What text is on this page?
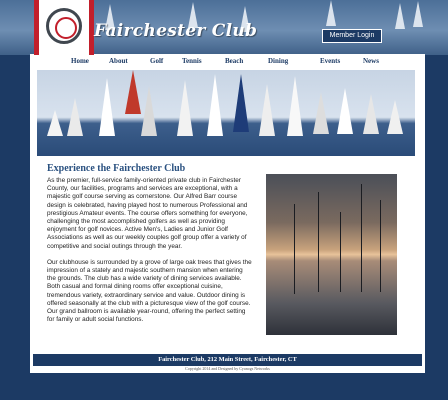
Fairchester Club	Member Login
Home	About	Golf	Tennis	Beach	Dining	Events	News
Experience the Fairchester Club

As the premier, full-service family-oriented private club in Fairchester County, our facilities, programs and services are exceptional, with a majestic golf course serving as cornerstone. Our Alfred Barr course design is celebrated, having played host to numerous Professional and prestigious Amateur events. The course offers something for everyone, challenging the most accomplished golfers as well as providing enjoyment for golf novices. Active Men's, Ladies and Junior Golf Associations as well as our weekly couples golf group offer a variety of competitive and social outings through the year.

Our clubhouse is surrounded by a grove of large oak trees that gives the impression of a stately and majestic southern mansion when entering the grounds. The club has a wide variety of dining services available. Both casual and formal dining rooms offer exceptional cuisine, tremendous variety, extraordinary service and value. Outdoor dining is offered seasonally at the club with a picturesque view of the golf course. Our grand ballroom is available year-round, offering the perfect setting for family or adult social functions.

Fairchester Club, 212 Main Street, Fairchester, CT
Copyright 2014 and Designed by Cyanogs Networks
